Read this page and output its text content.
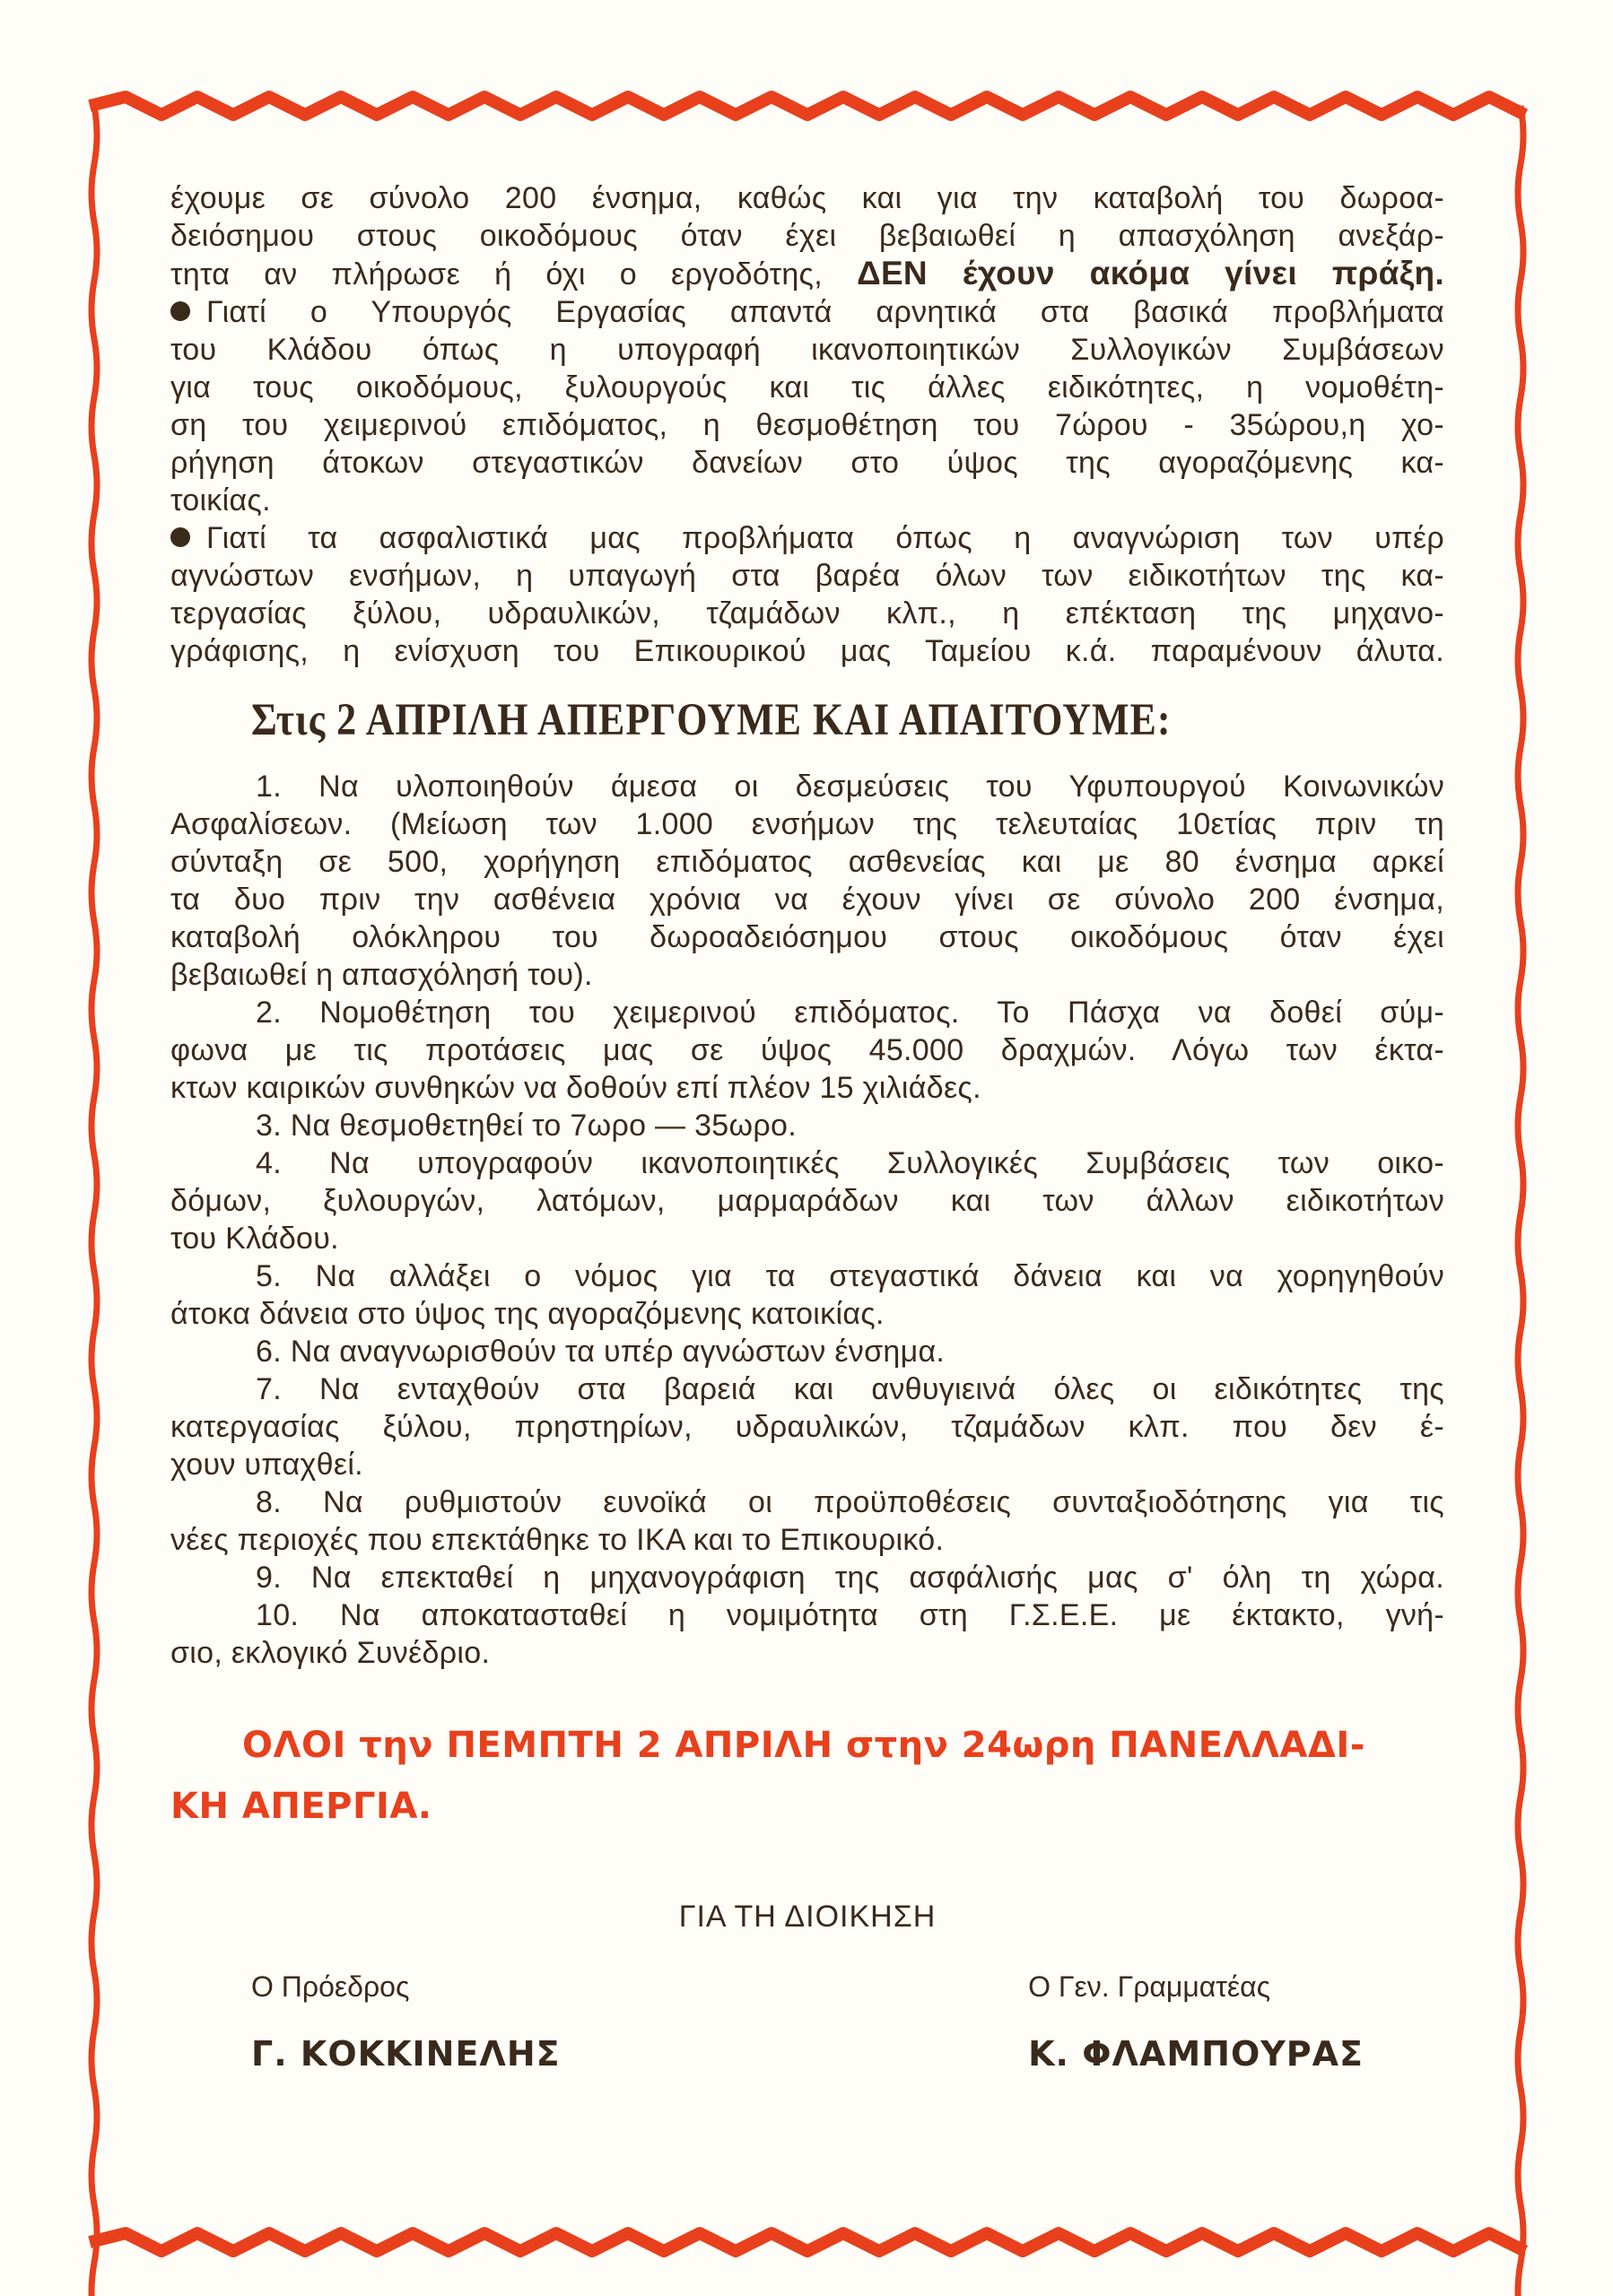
έχουμε σε σύνολο 200 ένσημα, καθώς και για την καταβολή του δωροα-
δειόσημου στους οικοδόμους όταν έχει βεβαιωθεί η απασχόληση ανεξάρ-
τητα αν πλήρωσε ή όχι ο εργοδότης, ΔΕΝ έχουν ακόμα γίνει πράξη.
Γιατί ο Υπουργός Εργασίας απαντά αρνητικά στα βασικά προβλήματα
του Κλάδου όπως η υπογραφή ικανοποιητικών Συλλογικών Συμβάσεων
για τους οικοδόμους, ξυλουργούς και τις άλλες ειδικότητες, η νομοθέτη-
ση του χειμερινού επιδόματος, η θεσμοθέτηση του 7ώρου - 35ώρου,η χο-
ρήγηση άτοκων στεγαστικών δανείων στο ύψος της αγοραζόμενης κα-
τοικίας.
Γιατί τα ασφαλιστικά μας προβλήματα όπως η αναγνώριση των υπέρ
αγνώστων ενσήμων, η υπαγωγή στα βαρέα όλων των ειδικοτήτων της κα-
τεργασίας ξύλου, υδραυλικών, τζαμάδων κλπ., η επέκταση της μηχανο-
γράφισης, η ενίσχυση του Επικουρικού μας Ταμείου κ.ά. παραμένουν άλυτα.
Στις 2 ΑΠΡΙΛΗ ΑΠΕΡΓΟΥΜΕ ΚΑΙ ΑΠΑΙΤΟΥΜΕ:
1. Να υλοποιηθούν άμεσα οι δεσμεύσεις του Υφυπουργού Κοινωνικών
Ασφαλίσεων. (Μείωση των 1.000 ενσήμων της τελευταίας 10ετίας πριν τη
σύνταξη σε 500, χορήγηση επιδόματος ασθενείας και με 80 ένσημα αρκεί
τα δυο πριν την ασθένεια χρόνια να έχουν γίνει σε σύνολο 200 ένσημα,
καταβολή ολόκληρου του δωροαδειόσημου στους οικοδόμους όταν έχει
βεβαιωθεί η απασχόλησή του).
2. Νομοθέτηση του χειμερινού επιδόματος. Το Πάσχα να δοθεί σύμ-
φωνα με τις προτάσεις μας σε ύψος 45.000 δραχμών. Λόγω των έκτα-
κτων καιρικών συνθηκών να δοθούν επί πλέον 15 χιλιάδες.
3. Να θεσμοθετηθεί το 7ωρο — 35ωρο.
4. Να υπογραφούν ικανοποιητικές Συλλογικές Συμβάσεις των οικο-
δόμων, ξυλουργών, λατόμων, μαρμαράδων και των άλλων ειδικοτήτων
του Κλάδου.
5. Να αλλάξει ο νόμος για τα στεγαστικά δάνεια και να χορηγηθούν
άτοκα δάνεια στο ύψος της αγοραζόμενης κατοικίας.
6. Να αναγνωρισθούν τα υπέρ αγνώστων ένσημα.
7. Να ενταχθούν στα βαρειά και ανθυγιεινά όλες οι ειδικότητες της
κατεργασίας ξύλου, πρηστηρίων, υδραυλικών, τζαμάδων κλπ. που δεν έ-
χουν υπαχθεί.
8. Να ρυθμιστούν ευνοϊκά οι προϋποθέσεις συνταξιοδότησης για τις
νέες περιοχές που επεκτάθηκε το ΙΚΑ και το Επικουρικό.
9. Να επεκταθεί η μηχανογράφιση της ασφάλισής μας σ' όλη τη χώρα.
10. Να αποκατασταθεί η νομιμότητα στη Γ.Σ.Ε.Ε. με έκτακτο, γνή-
σιο, εκλογικό Συνέδριο.
ΟΛΟΙ την ΠΕΜΠΤΗ 2 ΑΠΡΙΛΗ στην 24ωρη ΠΑΝΕΛΛΑΔΙ-
ΚΗ ΑΠΕΡΓΙΑ.
ΓΙΑ ΤΗ ΔΙΟΙΚΗΣΗ
Ο Πρόεδρος
Γ. ΚΟΚΚΙΝΕΛΗΣ
Ο Γεν. Γραμματέας
Κ. ΦΛΑΜΠΟΥΡΑΣ
